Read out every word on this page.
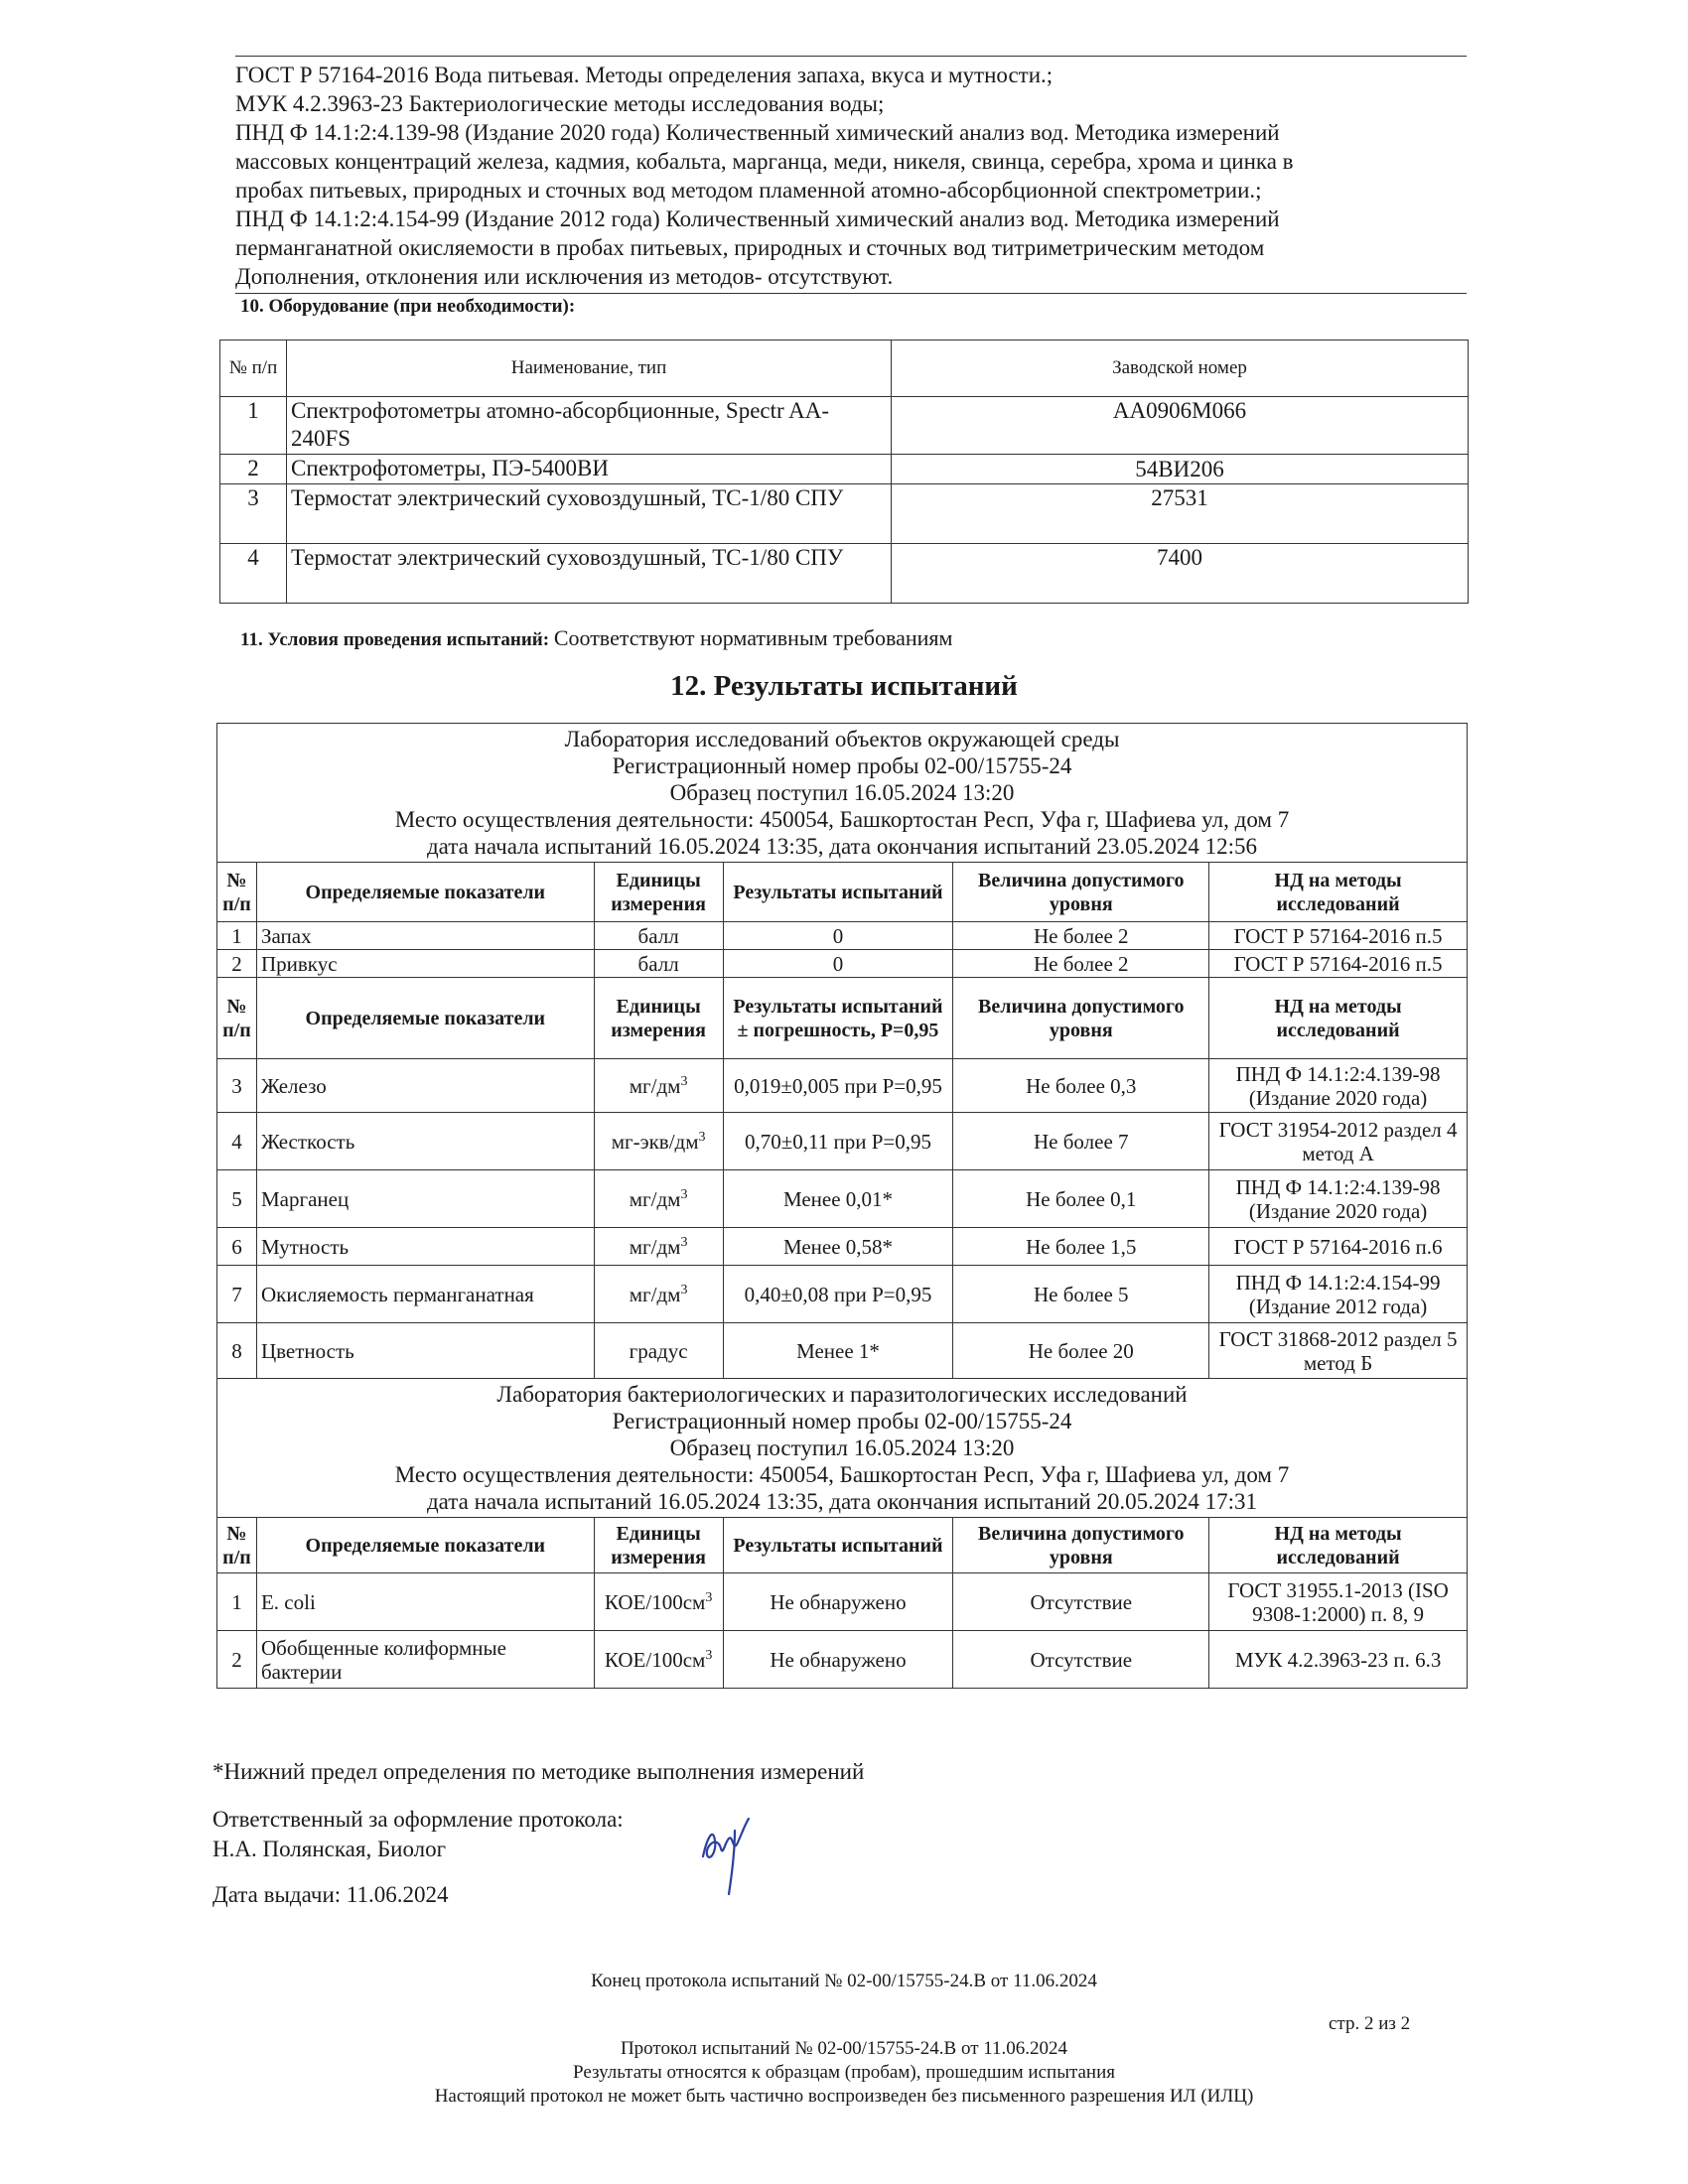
ГОСТ Р 57164-2016 Вода питьевая. Методы определения запаха, вкуса и мутности.;
МУК 4.2.3963-23 Бактериологические методы исследования воды;
ПНД Ф 14.1:2:4.139-98 (Издание 2020 года) Количественный химический анализ вод. Методика измерений
массовых концентраций железа, кадмия, кобальта, марганца, меди, никеля, свинца, серебра, хрома и цинка в
пробах питьевых, природных и сточных вод методом пламенной атомно-абсорбционной спектрометрии.;
ПНД Ф 14.1:2:4.154-99 (Издание 2012 года) Количественный химический анализ вод. Методика измерений
перманганатной окисляемости в пробах питьевых, природных и сточных вод титриметрическим методом
Дополнения, отклонения или исключения из методов- отсутствуют.
10. Оборудование (при необходимости):
№ п/п	Наименование, тип	Заводской номер
1	Спектрофотометры атомно-абсорбционные, Spectr AA-240FS	AA0906M066
2	Спектрофотометры, ПЭ-5400ВИ	54ВИ206
3	Термостат электрический суховоздушный, ТС-1/80 СПУ	27531
4	Термостат электрический суховоздушный, ТС-1/80 СПУ	7400
11. Условия проведения испытаний: Соответствуют нормативным требованиям
12. Результаты испытаний
Лаборатория исследований объектов окружающей среды
Регистрационный номер пробы 02-00/15755-24
Образец поступил 16.05.2024 13:20
Место осуществления деятельности: 450054, Башкортостан Респ, Уфа г, Шафиева ул, дом 7
дата начала испытаний 16.05.2024 13:35, дата окончания испытаний 23.05.2024 12:56					

№ п/п	Определяемые показатели	Единицы измерения	Результаты испытаний	Величина допустимого уровня	НД на методы исследований
1	Запах	балл	0	Не более 2	ГОСТ Р 57164-2016 п.5
2	Привкус	балл	0	Не более 2	ГОСТ Р 57164-2016 п.5
№ п/п	Определяемые показатели	Единицы измерения	Результаты испытаний ± погрешность, Р=0,95	Величина допустимого уровня	НД на методы исследований
3	Железо	$мг/дм^3$	0,019±0,005 при Р=0,95	Не более 0,3	ПНД Ф 14.1:2:4.139-98 (Издание 2020 года)
4	Жесткость	$мг-экв/дм^3$	0,70±0,11 при Р=0,95	Не более 7	ГОСТ 31954-2012 раздел 4 метод А
5	Марганец	$мг/дм^3$	Менее 0,01*	Не более 0,1	ПНД Ф 14.1:2:4.139-98 (Издание 2020 года)
6	Мутность	$мг/дм^3$	Менее 0,58*	Не более 1,5	ГОСТ Р 57164-2016 п.6
7	Окисляемость перманганатная	$мг/дм^3$	0,40±0,08 при Р=0,95	Не более 5	ПНД Ф 14.1:2:4.154-99 (Издание 2012 года)
8	Цветность	градус	Менее 1*	Не более 20	ГОСТ 31868-2012 раздел 5 метод Б

Лаборатория бактериологических и паразитологических исследований
Регистрационный номер пробы 02-00/15755-24
Образец поступил 16.05.2024 13:20
Место осуществления деятельности: 450054, Башкортостан Респ, Уфа г, Шафиева ул, дом 7
дата начала испытаний 16.05.2024 13:35, дата окончания испытаний 20.05.2024 17:31					

№ п/п	Определяемые показатели	Единицы измерения	Результаты испытаний	Величина допустимого уровня	НД на методы исследований
1	E. coli	КОЕ/$100см^3$	Не обнаружено	Отсутствие	ГОСТ 31955.1-2013 (ISO 9308-1:2000) п. 8, 9
2	Обобщенные колиформные бактерии	КОЕ/$100см^3$	Не обнаружено	Отсутствие	МУК 4.2.3963-23 п. 6.3
*Нижний предел определения по методике выполнения измерений
Ответственный за оформление протокола:
Н.А. Полянская, Биолог
Дата выдачи: 11.06.2024
Конец протокола испытаний № 02-00/15755-24.В от 11.06.2024
стр. 2 из 2
Протокол испытаний № 02-00/15755-24.В от 11.06.2024
Результаты относятся к образцам (пробам), прошедшим испытания
Настоящий протокол не может быть частично воспроизведен без письменного разрешения ИЛ (ИЛЦ)
